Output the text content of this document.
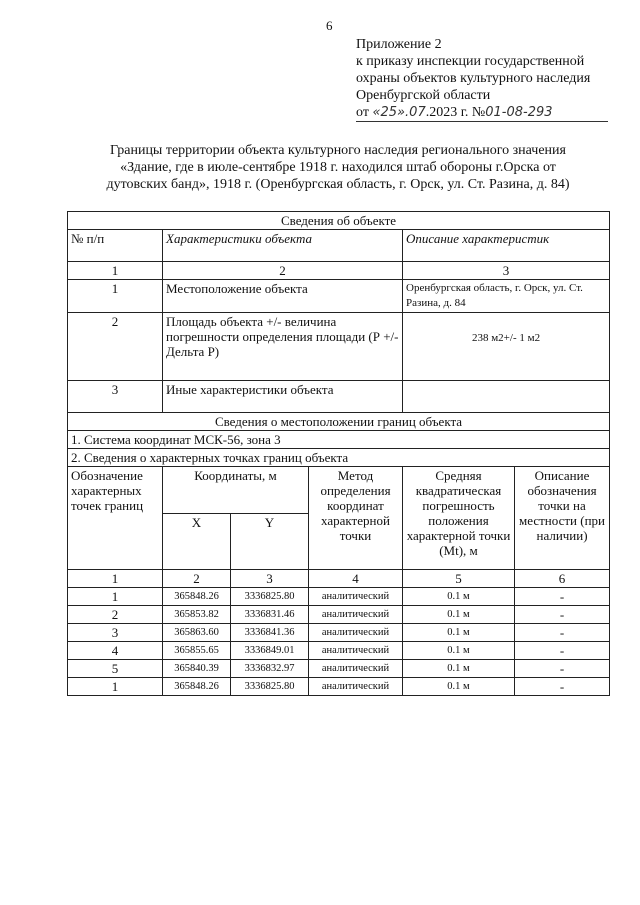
6
Приложение 2
к приказу инспекции государственной
охраны объектов культурного наследия
Оренбургской области
от «25».07.2023 г. №01-08-293
Границы территории объекта культурного наследия регионального значения
«Здание, где в июле-сентябре 1918 г. находился штаб обороны г.Орска от
дутовских банд», 1918 г. (Оренбургская область, г. Орск, ул. Ст. Разина, д. 84)
Сведения об объекте					
№ п/п	Характеристики объекта			Описание характеристик	
1	2			3	
1	Местоположение объекта			Оренбургская область, г. Орск, ул. Ст. Разина, д. 84	
2	Площадь объекта +/- величина погрешности определения площади (Р +/- Дельта Р)			238 м2+/- 1 м2	
3	Иные характеристики объекта				
Сведения о местоположении границ объекта					
1. Система координат МСК-56, зона 3					
2. Сведения о характерных точках границ объекта					
Обозначение характерных точек границ	Координаты, м		Метод определения координат характерной точки	Средняя квадратическая погрешность положения характерной точки (Mt), м	Описание обозначения точки на местности (при наличии)
	X	Y			
1	2	3	4	5	6
1	365848.26	3336825.80	аналитический	0.1 м	-
2	365853.82	3336831.46	аналитический	0.1 м	-
3	365863.60	3336841.36	аналитический	0.1 м	-
4	365855.65	3336849.01	аналитический	0.1 м	-
5	365840.39	3336832.97	аналитический	0.1 м	-
1	365848.26	3336825.80	аналитический	0.1 м	-
